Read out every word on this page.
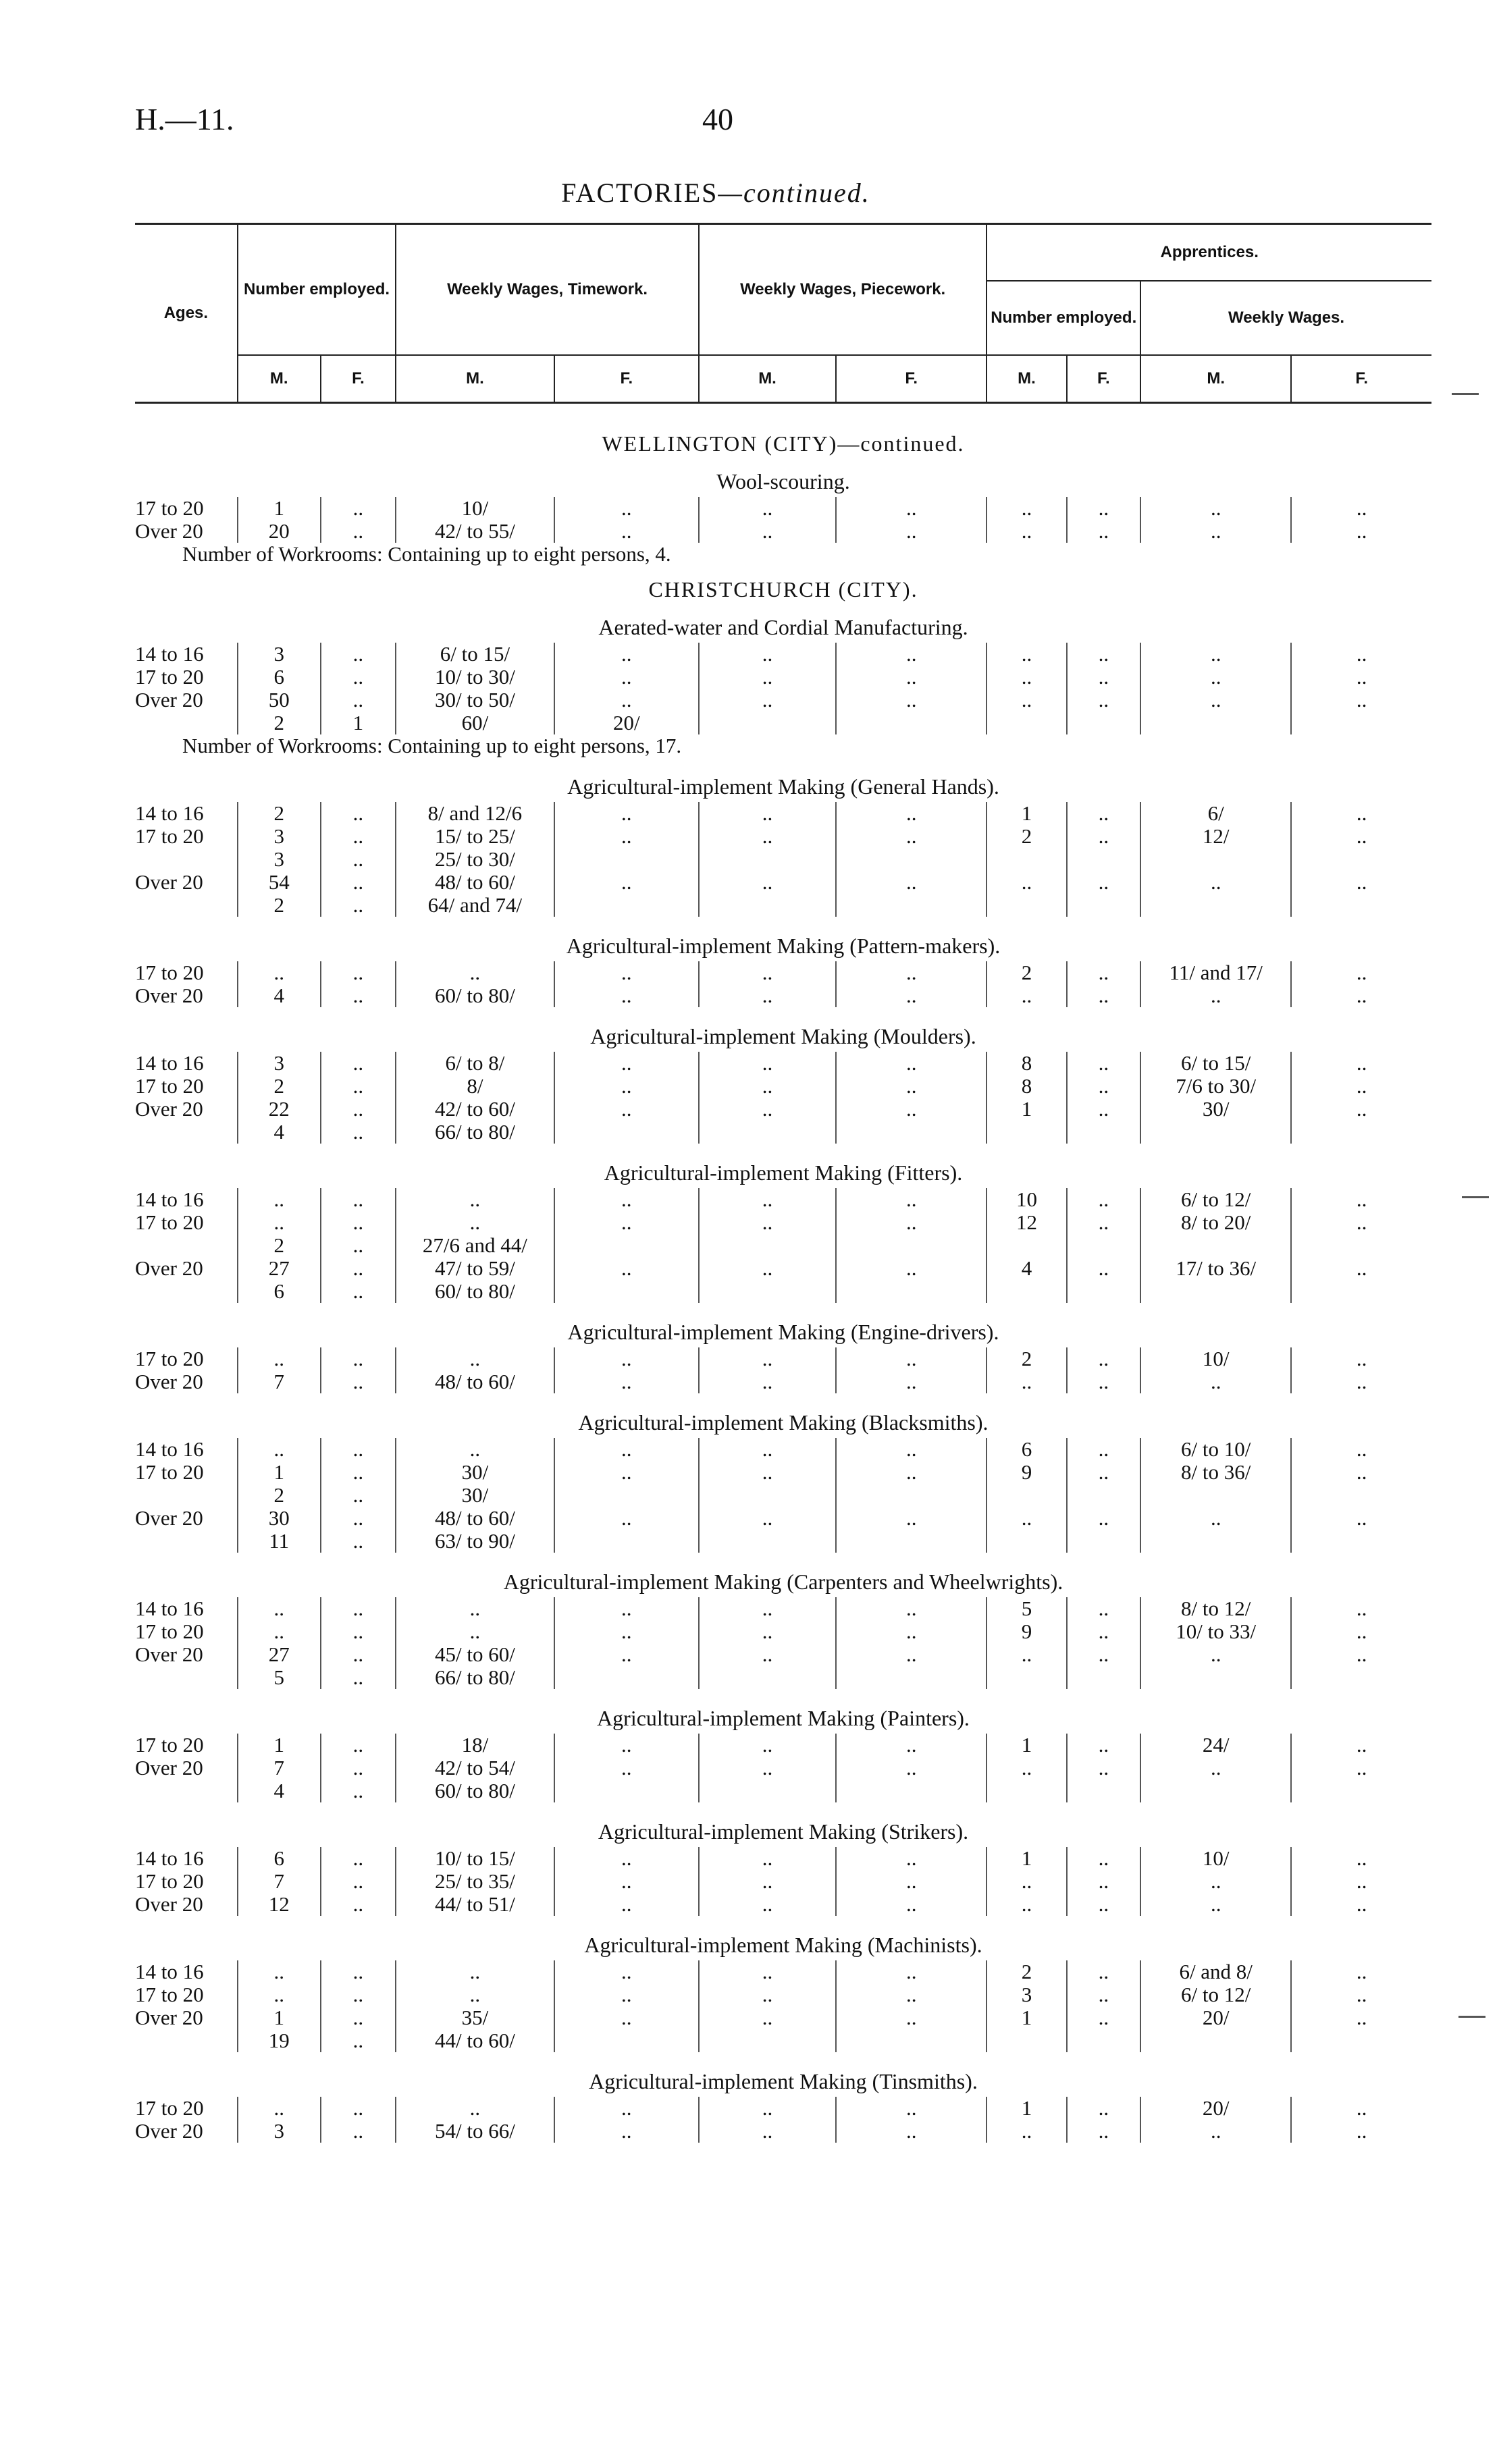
H.—11.	40
FACTORIES—continued.
Ages.	Number employed.		Weekly Wages, Timework.		Weekly Wages, Piecework.		Apprentices.			
							Number employed.		Weekly Wages.	
	M.	F.	M.	F.	M.	F.	M.	F.	M.	F.

WELLINGTON (CITY)—continued.										
Wool-scouring.										
17 to 20	1	..	10/	..	..	..	..	..	..	..
Over 20	20	..	42/ to 55/	..	..	..	..	..	..	..
Number of Workrooms: Containing up to eight persons, 4.										

CHRISTCHURCH (CITY).										
Aerated-water and Cordial Manufacturing.										
14 to 16	3	..	6/ to 15/	..	..	..	..	..	..	..
17 to 20	6	..	10/ to 30/	..	..	..	..	..	..	..
Over 20	50	..	30/ to 50/	..	..	..	..	..	..	..
	2	1	60/	20/						
Number of Workrooms: Containing up to eight persons, 17.										

Agricultural-implement Making (General Hands).										
14 to 16	2	..	8/ and 12/6	..	..	..	1	..	6/	..
17 to 20	3	..	15/ to 25/	..	..	..	2	..	12/	..
	3	..	25/ to 30/							
Over 20	54	..	48/ to 60/	..	..	..	..	..	..	..
	2	..	64/ and 74/							

Agricultural-implement Making (Pattern-makers).										
17 to 20	..	..	..	..	..	..	2	..	11/ and 17/	..
Over 20	4	..	60/ to 80/	..	..	..	..	..	..	..

Agricultural-implement Making (Moulders).										
14 to 16	3	..	6/ to 8/	..	..	..	8	..	6/ to 15/	..
17 to 20	2	..	8/	..	..	..	8	..	7/6 to 30/	..
Over 20	22	..	42/ to 60/	..	..	..	1	..	30/	..
	4	..	66/ to 80/							

Agricultural-implement Making (Fitters).										
14 to 16	..	..	..	..	..	..	10	..	6/ to 12/	..
17 to 20	..	..	..	..	..	..	12	..	8/ to 20/	..
	2	..	27/6 and 44/							
Over 20	27	..	47/ to 59/	..	..	..	4	..	17/ to 36/	..
	6	..	60/ to 80/							

Agricultural-implement Making (Engine-drivers).										
17 to 20	..	..	..	..	..	..	2	..	10/	..
Over 20	7	..	48/ to 60/	..	..	..	..	..	..	..

Agricultural-implement Making (Blacksmiths).										
14 to 16	..	..	..	..	..	..	6	..	6/ to 10/	..
17 to 20	1	..	30/	..	..	..	9	..	8/ to 36/	..
	2	..	30/							
Over 20	30	..	48/ to 60/	..	..	..	..	..	..	..
	11	..	63/ to 90/							

Agricultural-implement Making (Carpenters and Wheelwrights).										
14 to 16	..	..	..	..	..	..	5	..	8/ to 12/	..
17 to 20	..	..	..	..	..	..	9	..	10/ to 33/	..
Over 20	27	..	45/ to 60/	..	..	..	..	..	..	..
	5	..	66/ to 80/							

Agricultural-implement Making (Painters).										
17 to 20	1	..	18/	..	..	..	1	..	24/	..
Over 20	7	..	42/ to 54/	..	..	..	..	..	..	..
	4	..	60/ to 80/							

Agricultural-implement Making (Strikers).										
14 to 16	6	..	10/ to 15/	..	..	..	1	..	10/	..
17 to 20	7	..	25/ to 35/	..	..	..	..	..	..	..
Over 20	12	..	44/ to 51/	..	..	..	..	..	..	..

Agricultural-implement Making (Machinists).										
14 to 16	..	..	..	..	..	..	2	..	6/ and 8/	..
17 to 20	..	..	..	..	..	..	3	..	6/ to 12/	..
Over 20	1	..	35/	..	..	..	1	..	20/	..
	19	..	44/ to 60/							

Agricultural-implement Making (Tinsmiths).										
17 to 20	..	..	..	..	..	..	1	..	20/	..
Over 20	3	..	54/ to 66/	..	..	..	..	..	..	..
